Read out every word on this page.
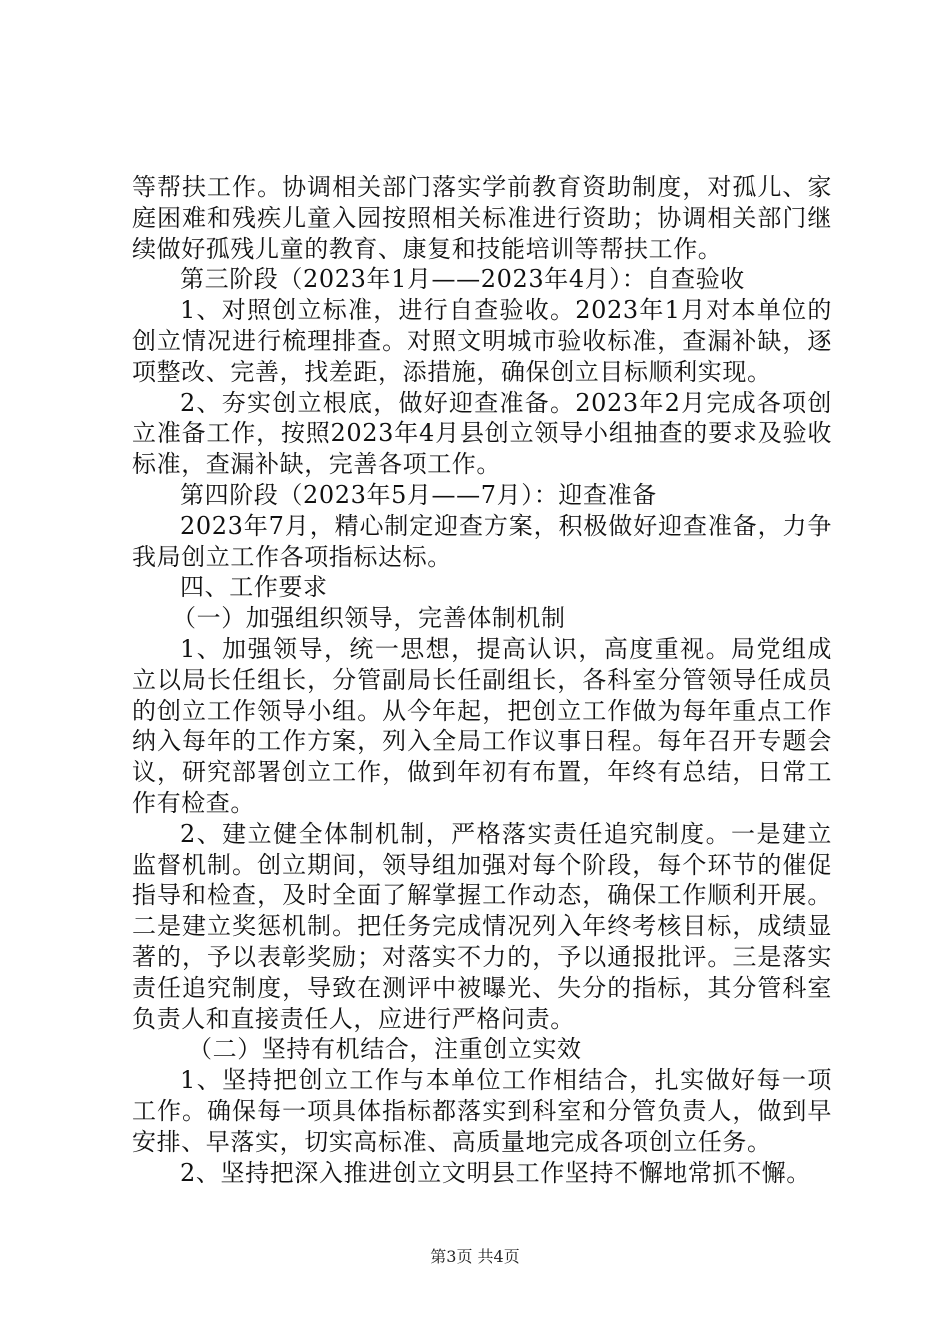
等帮扶工作。协调相关部门落实学前教育资助制度，对孤儿、家庭困难和残疾儿童入园按照相关标准进行资助；协调相关部门继续做好孤残儿童的教育、康复和技能培训等帮扶工作。

第三阶段（2023年1月——2023年4月）：自查验收

1、对照创立标准，进行自查验收。2023年1月对本单位的创立情况进行梳理排查。对照文明城市验收标准，查漏补缺，逐项整改、完善，找差距，添措施，确保创立目标顺利实现。

2、夯实创立根底，做好迎查准备。2023年2月完成各项创立准备工作，按照2023年4月县创立领导小组抽查的要求及验收标准，查漏补缺，完善各项工作。

第四阶段（2023年5月——7月）：迎查准备

2023年7月，精心制定迎查方案，积极做好迎查准备，力争我局创立工作各项指标达标。

四、工作要求

（一）加强组织领导，完善体制机制

1、加强领导，统一思想，提高认识，高度重视。局党组成立以局长任组长，分管副局长任副组长，各科室分管领导任成员的创立工作领导小组。从今年起，把创立工作做为每年重点工作纳入每年的工作方案，列入全局工作议事日程。每年召开专题会议，研究部署创立工作，做到年初有布置，年终有总结，日常工作有检查。

2、建立健全体制机制，严格落实责任追究制度。一是建立监督机制。创立期间，领导组加强对每个阶段，每个环节的催促指导和检查，及时全面了解掌握工作动态，确保工作顺利开展。二是建立奖惩机制。把任务完成情况列入年终考核目标，成绩显著的，予以表彰奖励；对落实不力的，予以通报批评。三是落实责任追究制度，导致在测评中被曝光、失分的指标，其分管科室负责人和直接责任人，应进行严格问责。

（二）坚持有机结合，注重创立实效

1、坚持把创立工作与本单位工作相结合，扎实做好每一项工作。确保每一项具体指标都落实到科室和分管负责人，做到早安排、早落实，切实高标准、高质量地完成各项创立任务。

2、坚持把深入推进创立文明县工作坚持不懈地常抓不懈。

第3页 共4页
